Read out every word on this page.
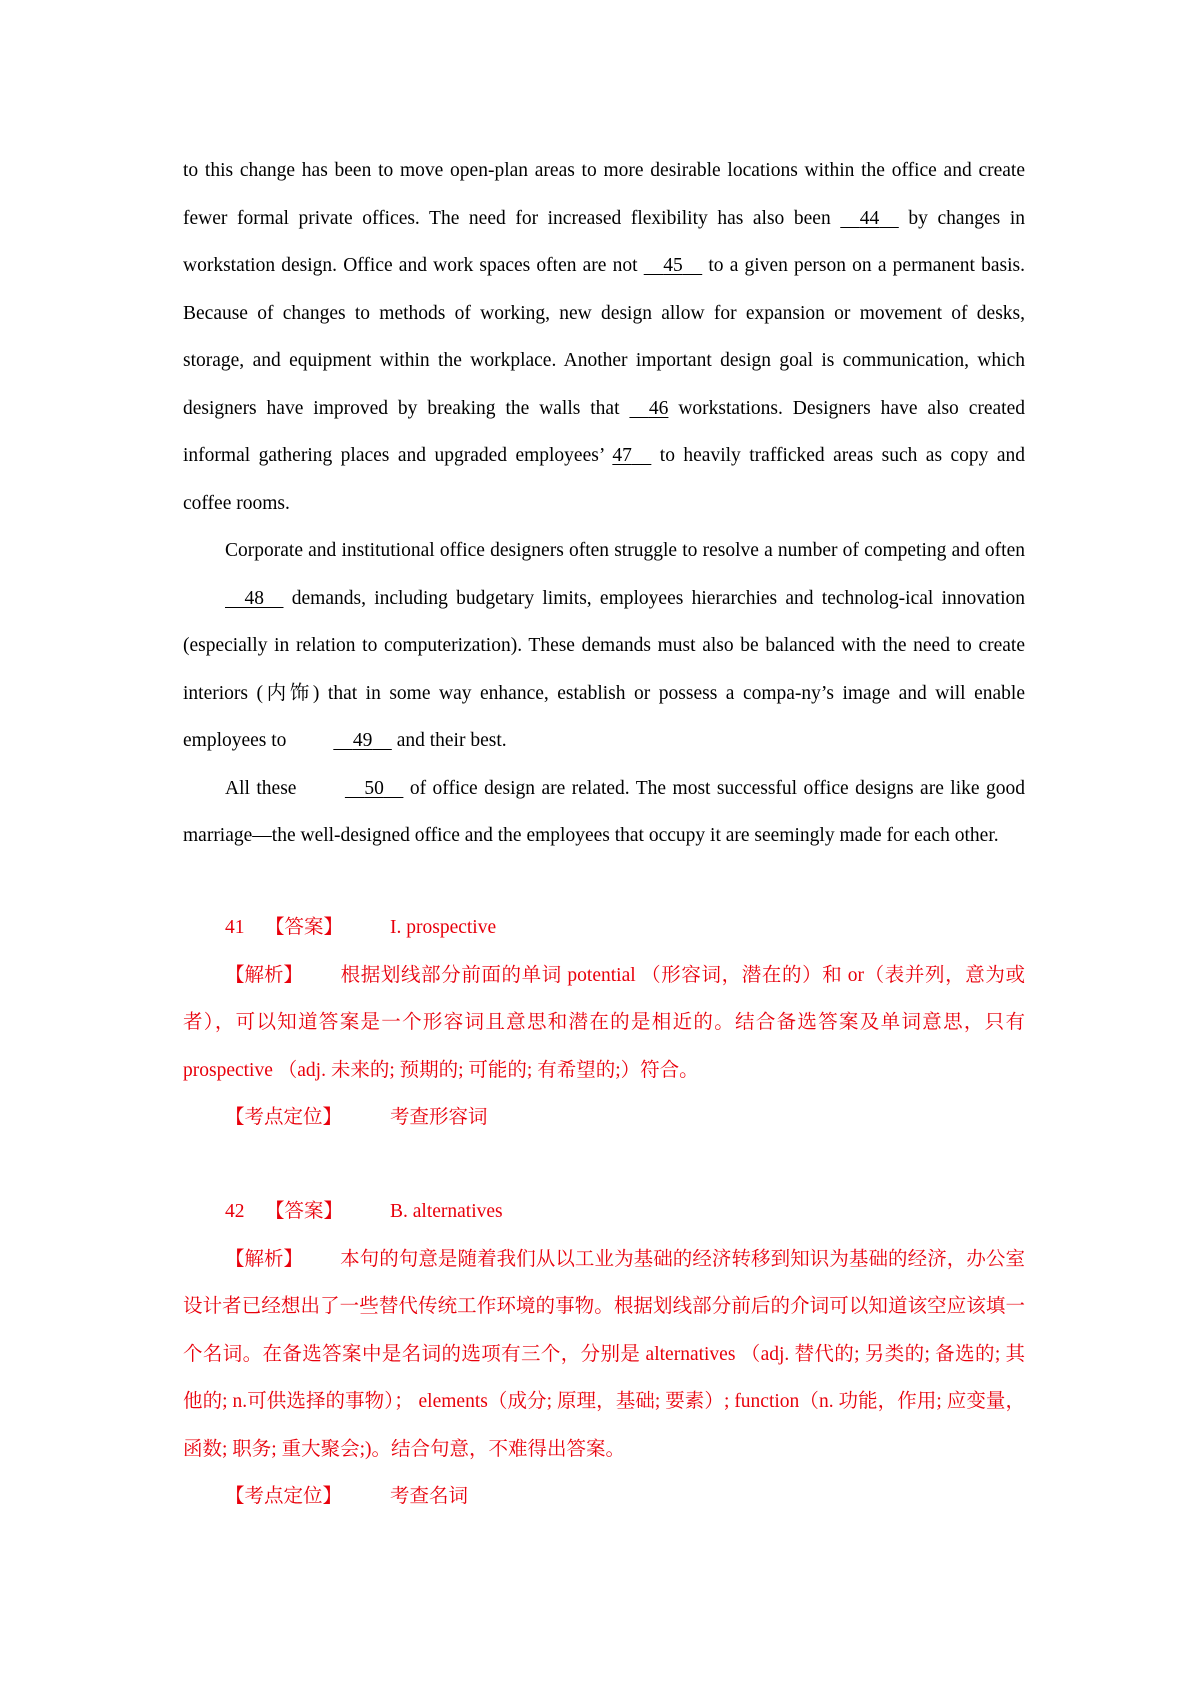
to this change has been to move open-plan areas to more desirable locations within the office and create fewer formal private offices. The need for increased flexibility has also been     44     by changes in workstation design. Office and work spaces often are not     45     to a given person on a permanent basis. Because of changes to methods of working, new design allow for expansion or movement of desks, storage, and equipment within the workplace. Another important design goal is communication, which designers have improved by breaking the walls that     46 workstations. Designers have also created informal gathering places and upgraded employees’ 47     to heavily trafficked areas such as copy and coffee rooms.

Corporate and institutional office designers often struggle to resolve a number of competing and often     48     demands, including budgetary limits, employees hierarchies and technolog-ical innovation (especially in relation to computerization). These demands must also be balanced with the need to create interiors (内饰) that in some way enhance, establish or possess a compa-ny’s image and will enable employees to	49     and their best.

All these	50     of office design are related. The most successful office designs are like good marriage—the well-designed office and the employees that occupy it are seemingly made for each other.

41 【答案】 I. prospective

【解析】 根据划线部分前面的单词 potential （形容词，潜在的）和 or（表并列，意为或者），可以知道答案是一个形容词且意思和潜在的是相近的。结合备选答案及单词意思，只有 prospective （adj. 未来的; 预期的; 可能的; 有希望的;）符合。

【考点定位】 考查形容词

42 【答案】 B. alternatives

【解析】 本句的句意是随着我们从以工业为基础的经济转移到知识为基础的经济，办公室设计者已经想出了一些替代传统工作环境的事物。根据划线部分前后的介词可以知道该空应该填一个名词。在备选答案中是名词的选项有三个，分别是 alternatives （adj. 替代的; 另类的; 备选的; 其他的; n.可供选择的事物）； elements（成分; 原理，基础; 要素）; function（n. 功能，作用; 应变量，函数; 职务; 重大聚会;)。结合句意，不难得出答案。

【考点定位】 考查名词
